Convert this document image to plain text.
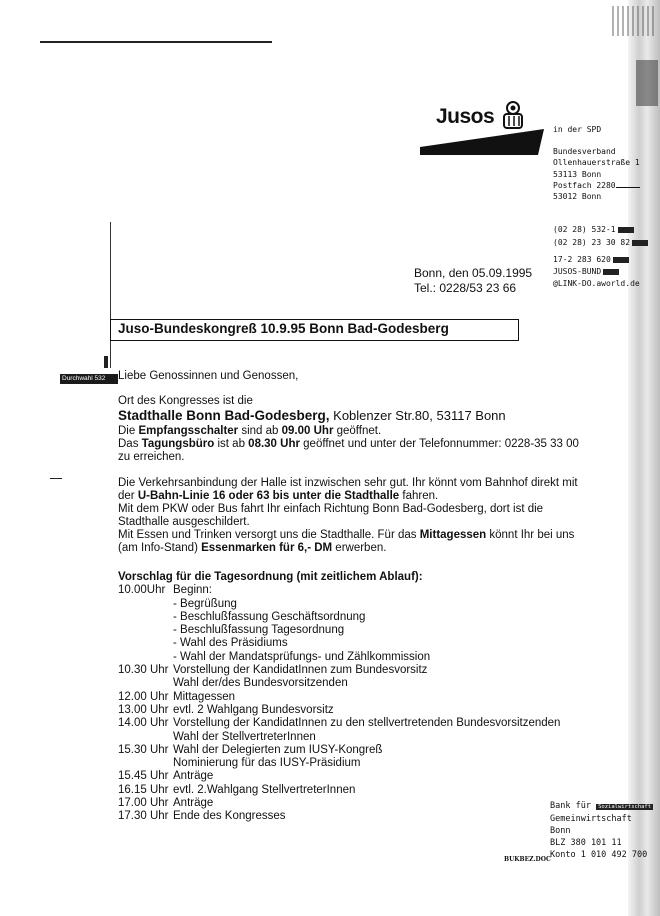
Jusos
in der SPD
Bundesverband
Ollenhauerstraße 1
53113 Bonn
Postfach 2280
53012 Bonn
(02 28) 532-1
(02 28) 23 30 82
17-2 283 620
JUSOS-BUND
@LINK-DO.aworld.de
Durchwahl 532
Bonn, den 05.09.1995
Tel.: 0228/53 23 66
Juso-Bundeskongreß 10.9.95 Bonn Bad-Godesberg
Liebe Genossinnen und Genossen,
Ort des Kongresses ist die
Stadthalle Bonn Bad-Godesberg, Koblenzer Str.80, 53117 Bonn
Die Empfangsschalter sind ab 09.00 Uhr geöffnet.
Das Tagungsbüro ist ab 08.30 Uhr geöffnet und unter der Telefonnummer: 0228-35 33 00
zu erreichen.
Die Verkehrsanbindung der Halle ist inzwischen sehr gut. Ihr könnt vom Bahnhof direkt mit
der U-Bahn-Linie 16 oder 63 bis unter die Stadthalle fahren.
Mit dem PKW oder Bus fahrt Ihr einfach Richtung Bonn Bad-Godesberg, dort ist die
Stadthalle ausgeschildert.
Mit Essen und Trinken versorgt uns die Stadthalle. Für das Mittagessen könnt Ihr bei uns
(am Info-Stand) Essenmarken für 6,- DM erwerben.
Vorschlag für die Tagesordnung (mit zeitlichem Ablauf):
10.00Uhr Beginn:
- Begrüßung
- Beschlußfassung Geschäftsordnung
- Beschlußfassung Tagesordnung
- Wahl des Präsidiums
- Wahl der Mandatsprüfungs- und Zählkommission
10.30 Uhr Vorstellung der KandidatInnen zum Bundesvorsitz
Wahl der/des Bundesvorsitzenden
12.00 Uhr Mittagessen
13.00 Uhr evtl. 2 Wahlgang Bundesvorsitz
14.00 Uhr Vorstellung der KandidatInnen zu den stellvertretenden Bundesvorsitzenden
Wahl der StellvertreterInnen
15.30 Uhr Wahl der Delegierten zum IUSY-Kongreß
Nominierung für das IUSY-Präsidium
15.45 Uhr Anträge
16.15 Uhr evtl. 2.Wahlgang StellvertreterInnen
17.00 Uhr Anträge
17.30 Uhr Ende des Kongresses
Bank für Sozialwirtschaft
Gemeinwirtschaft
Bonn
BLZ 380 101 11
Konto 1 010 492 700
BUKBEZ.DOC
